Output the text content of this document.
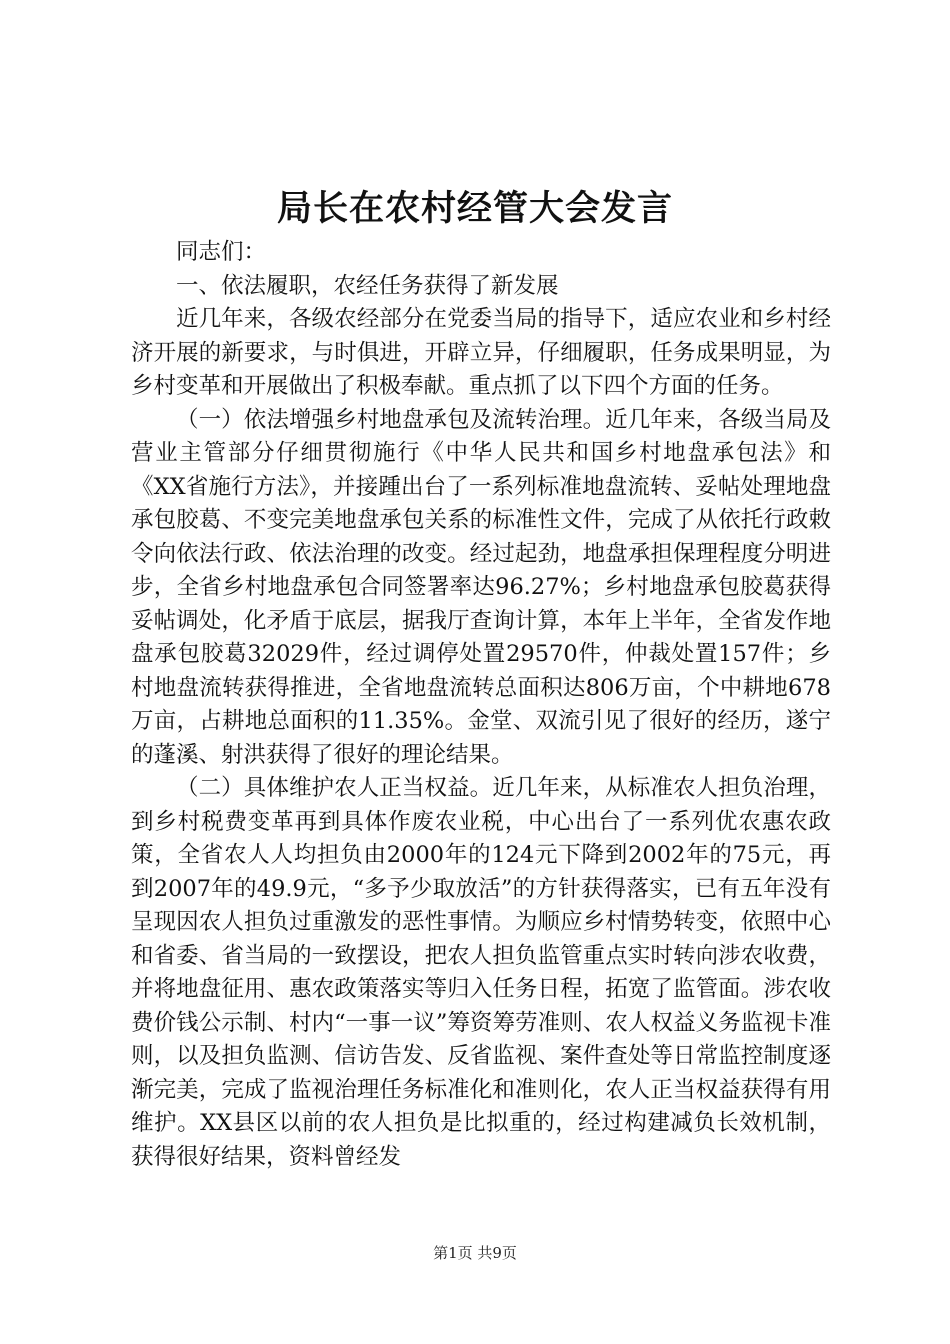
局长在农村经管大会发言

同志们：

一、依法履职，农经任务获得了新发展

近几年来，各级农经部分在党委当局的指导下，适应农业和乡村经济开展的新要求，与时俱进，开辟立异，仔细履职，任务成果明显，为乡村变革和开展做出了积极奉献。重点抓了以下四个方面的任务。

（一）依法增强乡村地盘承包及流转治理。近几年来，各级当局及营业主管部分仔细贯彻施行《中华人民共和国乡村地盘承包法》和《XX省施行方法》，并接踵出台了一系列标准地盘流转、妥帖处理地盘承包胶葛、不变完美地盘承包关系的标准性文件，完成了从依托行政敕令向依法行政、依法治理的改变。经过起劲，地盘承担保理程度分明进步，全省乡村地盘承包合同签署率达96.27%；乡村地盘承包胶葛获得妥帖调处，化矛盾于底层，据我厅查询计算，本年上半年，全省发作地盘承包胶葛32029件，经过调停处置29570件，仲裁处置157件；乡村地盘流转获得推进，全省地盘流转总面积达806万亩，个中耕地678万亩，占耕地总面积的11.35%。金堂、双流引见了很好的经历，遂宁的蓬溪、射洪获得了很好的理论结果。

（二）具体维护农人正当权益。近几年来，从标准农人担负治理，到乡村税费变革再到具体作废农业税，中心出台了一系列优农惠农政策，全省农人人均担负由2000年的124元下降到2002年的75元，再到2007年的49.9元，“多予少取放活”的方针获得落实，已有五年没有呈现因农人担负过重激发的恶性事情。为顺应乡村情势转变，依照中心和省委、省当局的一致摆设，把农人担负监管重点实时转向涉农收费，并将地盘征用、惠农政策落实等归入任务日程，拓宽了监管面。涉农收费价钱公示制、村内“一事一议”筹资筹劳准则、农人权益义务监视卡准则，以及担负监测、信访告发、反省监视、案件查处等日常监控制度逐渐完美，完成了监视治理任务标准化和准则化，农人正当权益获得有用维护。XX县区以前的农人担负是比拟重的，经过构建减负长效机制，获得很好结果，资料曾经发

第1页 共9页
